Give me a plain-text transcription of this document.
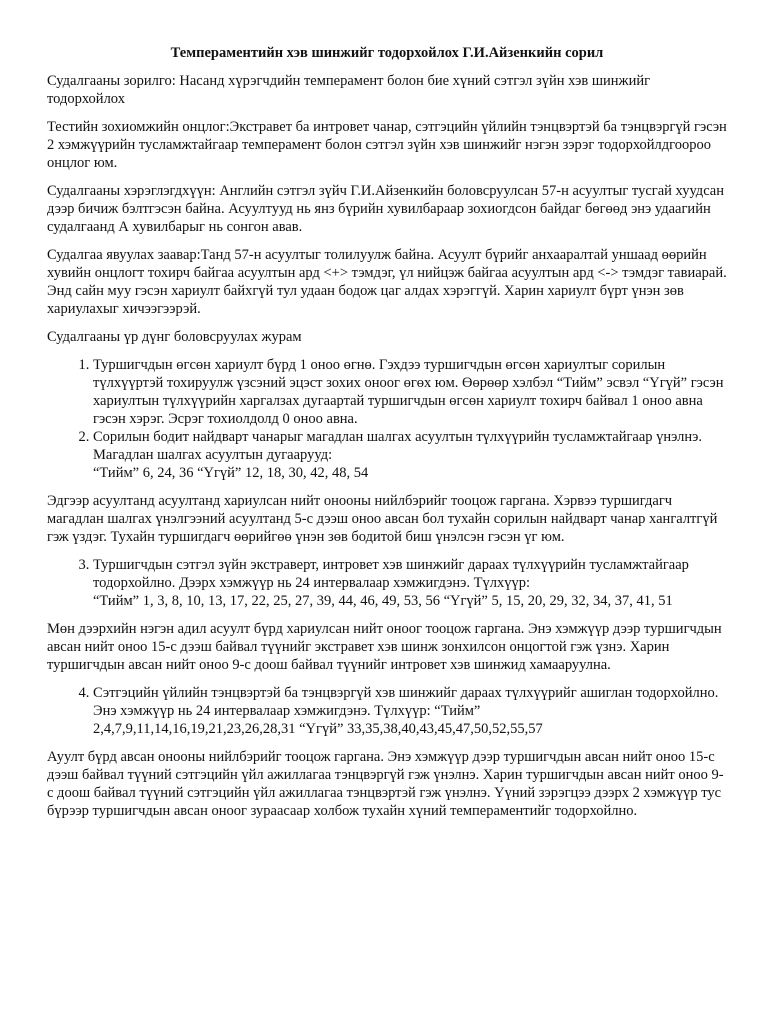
Темпераментийн хэв шинжийг тодорхойлох Г.И.Айзенкийн сорил

Судалгааны зорилго: Насанд хүрэгчдийн темперамент болон бие хүний сэтгэл зүйн хэв шинжийг тодорхойлох

Тестийн зохиомжийн онцлог:Экстравет ба интровет чанар, сэтгэцийн үйлийн тэнцвэртэй ба тэнцвэргүй гэсэн 2 хэмжүүрийн тусламжтайгаар темперамент болон сэтгэл зүйн хэв шинжийг нэгэн зэрэг тодорхойлдгоороо онцлог юм.

Судалгааны хэрэглэгдхүүн: Английн сэтгэл зүйч Г.И.Айзенкийн боловсруулсан 57-н асуултыг тусгай хуудсан дээр бичиж бэлтгэсэн байна. Асуултууд нь янз бүрийн хувилбараар зохиогдсон байдаг бөгөөд энэ удаагийн судалгаанд А хувилбарыг нь сонгон авав.

Судалгаа явуулах заавар:Танд 57-н асуултыг толилуулж байна. Асуулт бүрийг анхааралтай уншаад өөрийн хувийн онцлогт тохирч байгаа асуултын ард <+> тэмдэг, үл нийцэж байгаа асуултын ард <-> тэмдэг тавиарай. Энд сайн муу гэсэн хариулт байхгүй тул удаан бодож цаг алдах хэрэггүй. Харин хариулт бүрт үнэн зөв хариулахыг хичээгээрэй.

Судалгааны үр дүнг боловсруулах журам

1. Туршигчдын өгсөн хариулт бүрд 1 оноо өгнө. Гэхдээ туршигчдын өгсөн хариултыг сорилын түлхүүртэй тохируулж үзсэний эцэст зохих оноог өгөх юм. Өөрөөр хэлбэл “Тийм” эсвэл “Үгүй” гэсэн хариултын түлхүүрийн харгалзах дугаартай туршигчдын өгсөн хариулт тохирч байвал 1 оноо авна гэсэн хэрэг. Эсрэг тохиолдолд 0 оноо авна.
2. Сорилын бодит найдварт чанарыг магадлан шалгах асуултын түлхүүрийн тусламжтайгаар үнэлнэ. Магадлан шалгах асуултын дугаарууд:
“Тийм” 6, 24, 36 “Үгүй” 12, 18, 30, 42, 48, 54

Эдгээр асуултанд асуултанд хариулсан нийт онооны нийлбэрийг тооцож гаргана. Хэрвээ туршигдагч магадлан шалгах үнэлгээний асуултанд 5-с дээш оноо авсан бол тухайн сорилын найдварт чанар хангалтгүй гэж үздэг. Тухайн туршигдагч өөрийгөө үнэн зөв бодитой биш үнэлсэн гэсэн үг юм.

3. Туршигчдын сэтгэл зүйн экстраверт, интровет хэв шинжийг дараах түлхүүрийн тусламжтайгаар тодорхойлно. Дээрх хэмжүүр нь 24 интервалаар хэмжигдэнэ. Түлхүүр:
“Тийм” 1, 3, 8, 10, 13, 17, 22, 25, 27, 39, 44, 46, 49, 53, 56 “Үгүй” 5, 15, 20, 29, 32, 34, 37, 41, 51

Мөн дээрхийн нэгэн адил асуулт бүрд хариулсан нийт оноог тооцож гаргана. Энэ хэмжүүр дээр туршигчдын авсан нийт оноо 15-с дээш байвал түүнийг экстравет хэв шинж зонхилсон онцогтой гэж үзнэ. Харин туршигчдын авсан нийт оноо 9-с доош байвал түүнийг интровет хэв шинжид хамааруулна.

4. Сэтгэцийн үйлийн тэнцвэртэй ба тэнцвэргүй хэв шинжийг дараах түлхүүрийг ашиглан тодорхойлно. Энэ хэмжүүр нь 24 интервалаар хэмжигдэнэ. Түлхүүр: “Тийм”
2,4,7,9,11,14,16,19,21,23,26,28,31 “Үгүй” 33,35,38,40,43,45,47,50,52,55,57

Ауулт бүрд авсан онооны нийлбэрийг тооцож гаргана. Энэ хэмжүүр дээр туршигчдын авсан нийт оноо 15-с дээш байвал түүний сэтгэцийн үйл ажиллагаа тэнцвэргүй гэж үнэлнэ. Харин туршигчдын авсан нийт оноо 9-с доош байвал түүний сэтгэцийн үйл ажиллагаа тэнцвэртэй гэж үнэлнэ. Үүний зэрэгцээ дээрх 2 хэмжүүр тус бүрээр туршигчдын авсан оноог зураасаар холбож тухайн хүний темпераментийг тодорхойлно.
